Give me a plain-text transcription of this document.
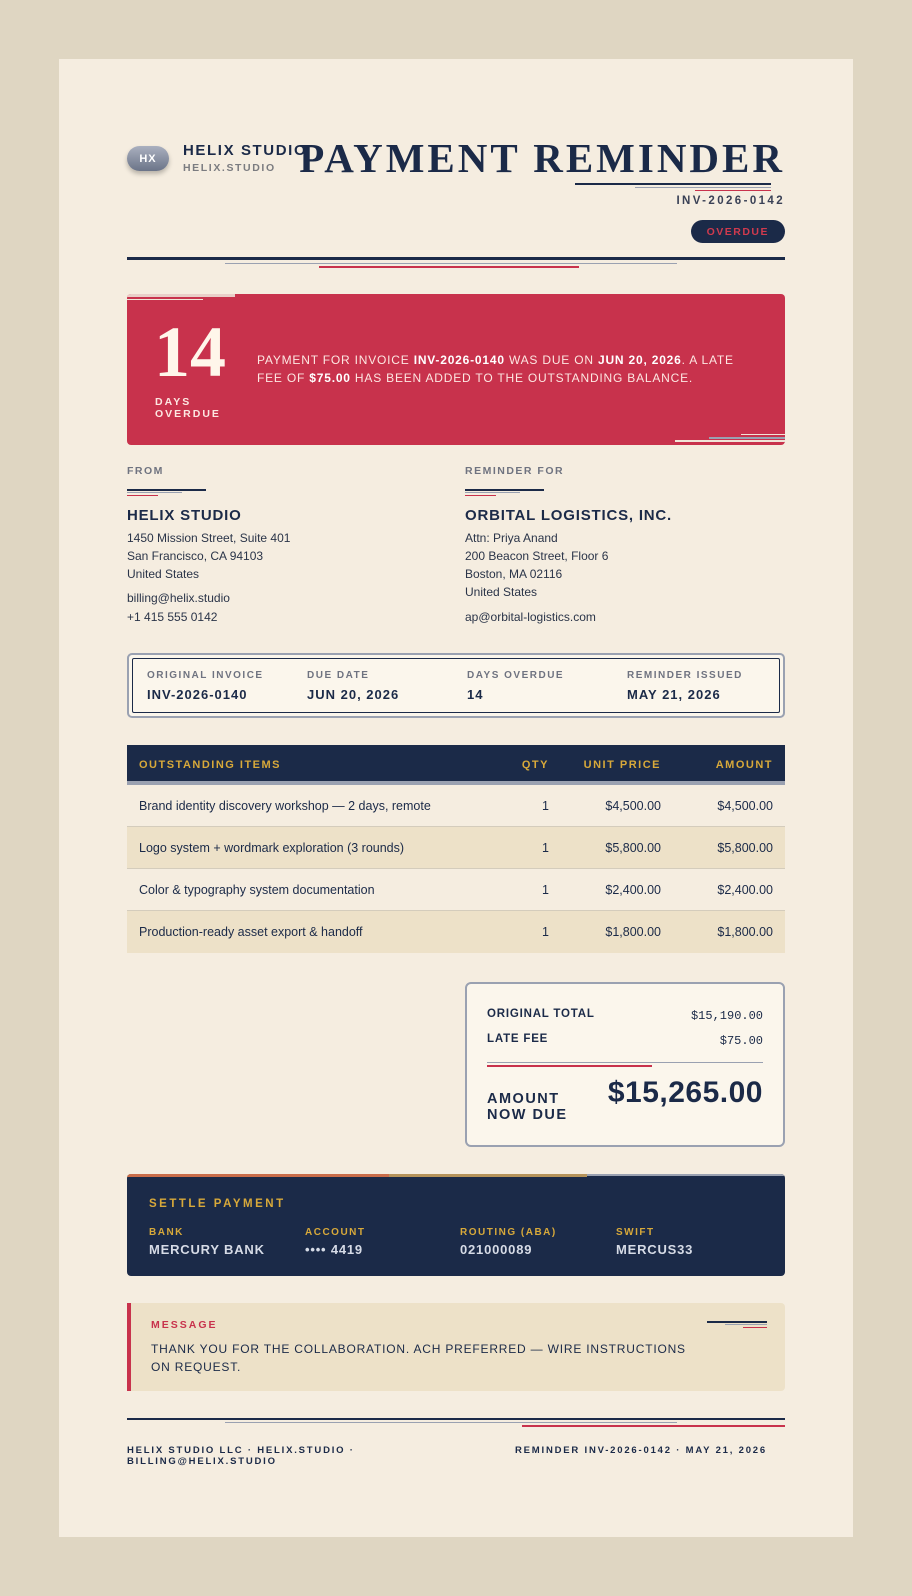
HX	HELIX STUDIO
HELIX.STUDIO PAYMENT REMINDER
INV-2026-0142
OVERDUE
14
DAYS OVERDUE
PAYMENT FOR INVOICE INV-2026-0140 WAS DUE ON JUN 20, 2026. A LATE FEE OF $75.00 HAS BEEN ADDED TO THE OUTSTANDING BALANCE.
FROM
HELIX STUDIO
1450 Mission Street, Suite 401
San Francisco, CA 94103
United States
billing@helix.studio
+1 415 555 0142
REMINDER FOR
ORBITAL LOGISTICS, INC.
Attn: Priya Anand
200 Beacon Street, Floor 6
Boston, MA 02116
United States
ap@orbital-logistics.com
ORIGINAL INVOICE
INV-2026-0140
DUE DATE
JUN 20, 2026
DAYS OVERDUE
14
REMINDER ISSUED
MAY 21, 2026
OUTSTANDING ITEMS	QTY	UNIT PRICE	AMOUNT
Brand identity discovery workshop — 2 days, remote	1	$4,500.00	$4,500.00
Logo system + wordmark exploration (3 rounds)	1	$5,800.00	$5,800.00
Color & typography system documentation	1	$2,400.00	$2,400.00
Production-ready asset export & handoff	1	$1,800.00	$1,800.00
ORIGINAL TOTAL	$15,190.00
LATE FEE	$75.00
AMOUNT
NOW DUE
$15,265.00
SETTLE PAYMENT
BANK
MERCURY BANK
ACCOUNT
•••• 4419
ROUTING (ABA)
021000089
SWIFT
MERCUS33
MESSAGE
THANK YOU FOR THE COLLABORATION. ACH PREFERRED — WIRE INSTRUCTIONS ON REQUEST.
HELIX STUDIO LLC · HELIX.STUDIO · BILLING@HELIX.STUDIO
REMINDER INV-2026-0142 · MAY 21, 2026
